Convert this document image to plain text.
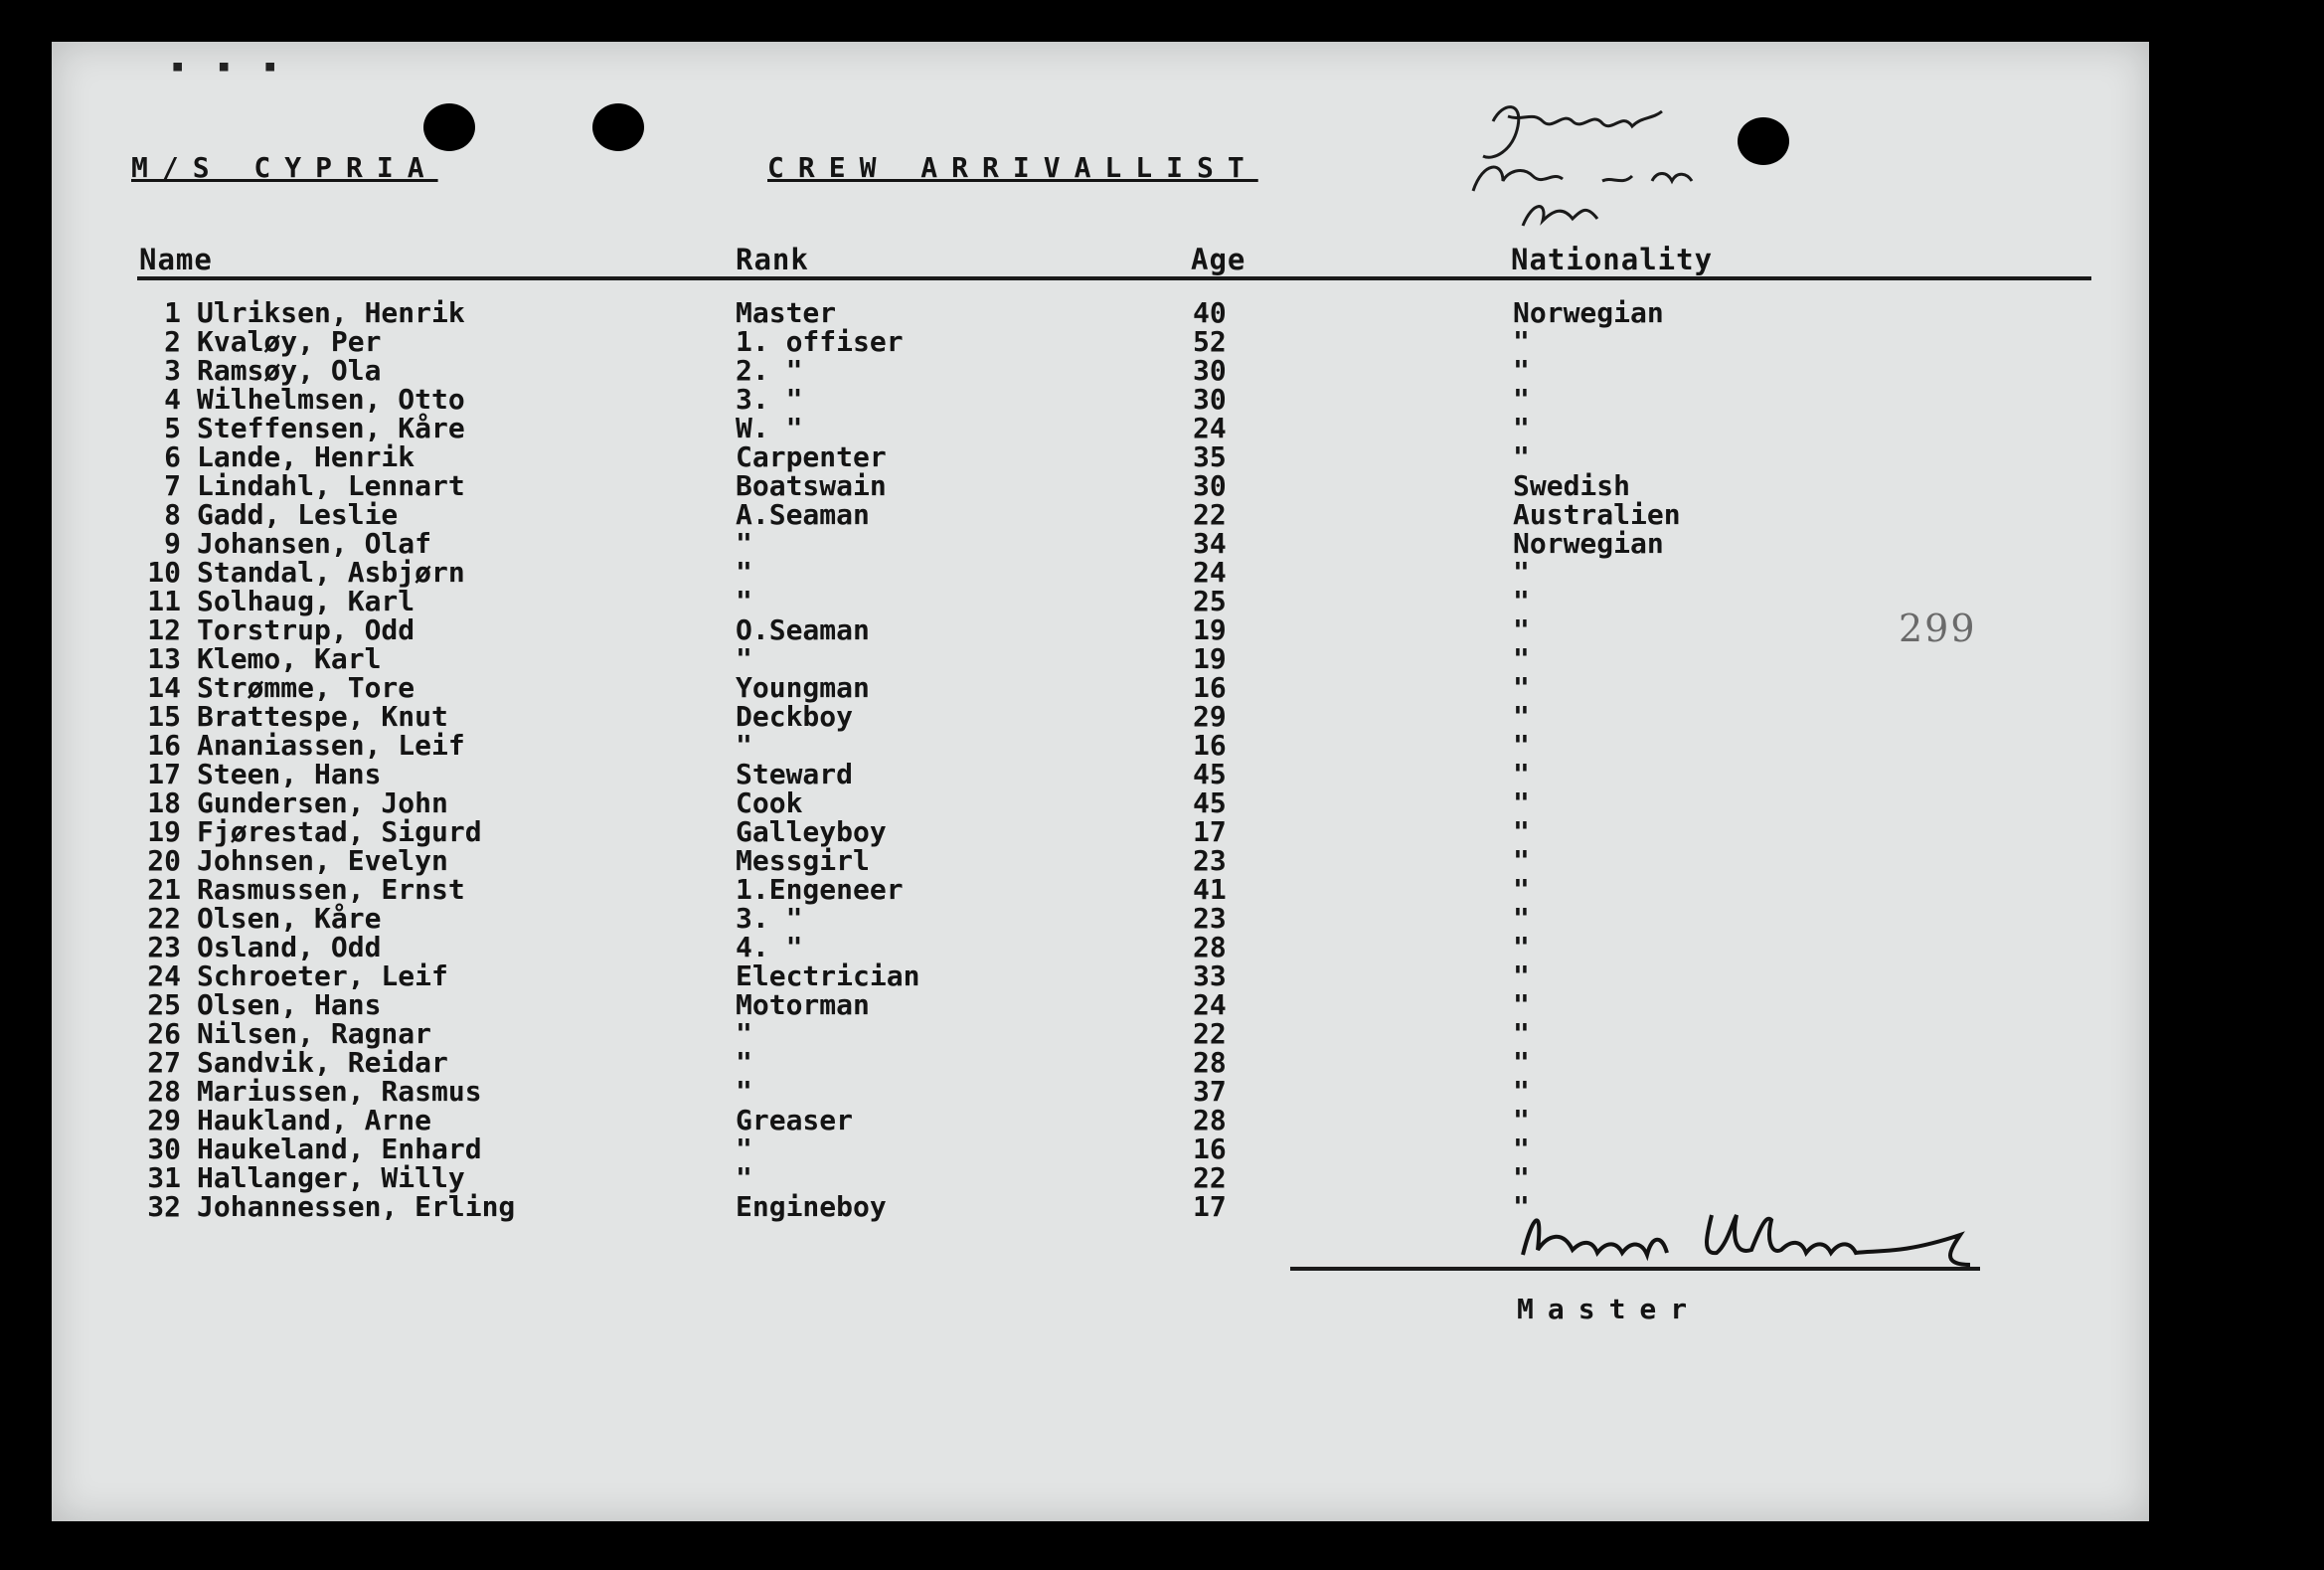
▪ ▪ ▪
M/S CYPRIA	CREW ARRIVALLIST
Departed Apr 5, 195 Balt
Name	Rank	Age	Nationality
1 Ulriksen, Henrik	Master	40	Norwegian
2 Kvaløy, Per	1. offiser	52	"
3 Ramsøy, Ola	2. "	30	"
4 Wilhelmsen, Otto	3. "	30	"
5 Steffensen, Kåre	W. "	24	"
6 Lande, Henrik	Carpenter	35	"
7 Lindahl, Lennart	Boatswain	30	Swedish
8 Gadd, Leslie	A.Seaman	22	Australien
9 Johansen, Olaf	"	34	Norwegian
10 Standal, Asbjørn	"	24	"
11 Solhaug, Karl	"	25	"
12 Torstrup, Odd	O.Seaman	19	"
13 Klemo, Karl	"	19	"
14 Strømme, Tore	Youngman	16	"
15 Brattespe, Knut	Deckboy	29	"
16 Ananiassen, Leif	"	16	"
17 Steen, Hans	Steward	45	"
18 Gundersen, John	Cook	45	"
19 Fjørestad, Sigurd	Galleyboy	17	"
20 Johnsen, Evelyn	Messgirl	23	"
21 Rasmussen, Ernst	1.Engeneer	41	"
22 Olsen, Kåre	3. "	23	"
23 Osland, Odd	4. "	28	"
24 Schroeter, Leif	Electrician	33	"
25 Olsen, Hans	Motorman	24	"
26 Nilsen, Ragnar	"	22	"
27 Sandvik, Reidar	"	28	"
28 Mariussen, Rasmus	"	37	"
29 Haukland, Arne	Greaser	28	"
30 Haukeland, Enhard	"	16	"
31 Hallanger, Willy	"	22	"
32 Johannessen, Erling	Engineboy	17	"
299
Master
